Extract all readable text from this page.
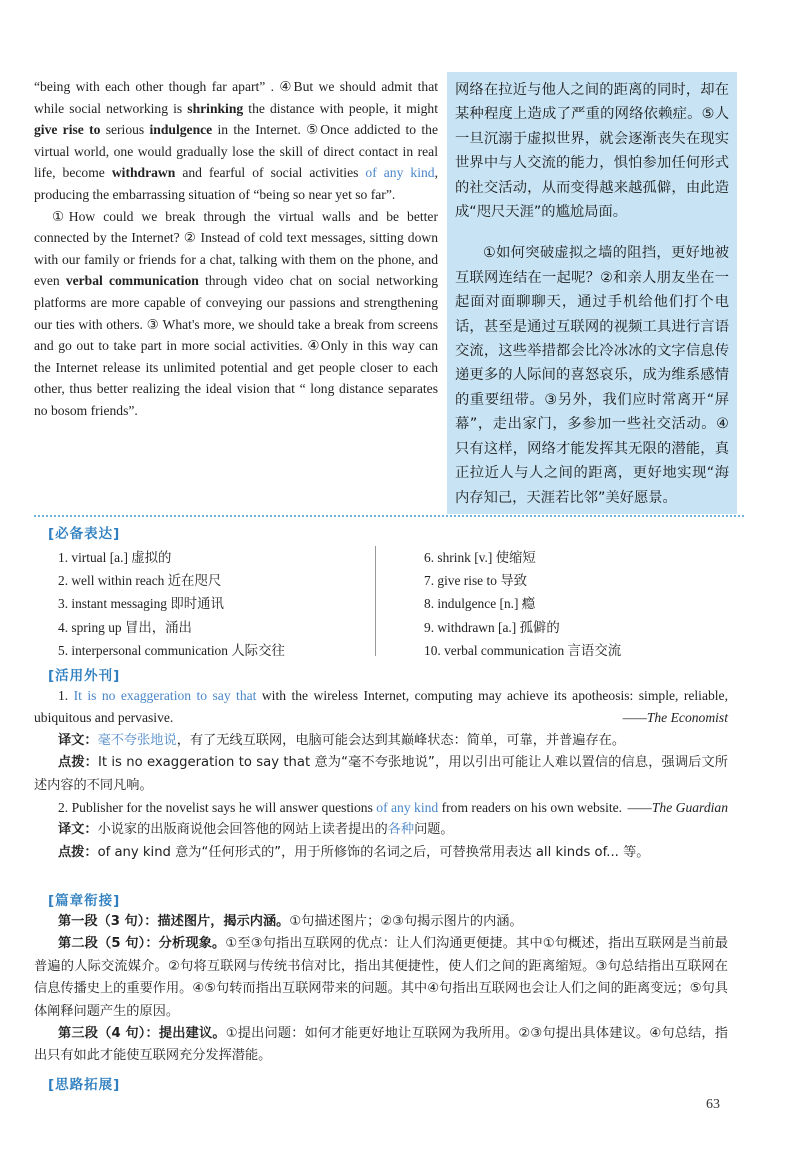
“being with each other though far apart” . ④But we should admit that while social networking is shrinking the distance with people, it might give rise to serious indulgence in the Internet. ⑤Once addicted to the virtual world, one would gradually lose the skill of direct contact in real life, become withdrawn and fearful of social activities of any kind, producing the embarrassing situation of “being so near yet so far”.

①How could we break through the virtual walls and be better connected by the Internet? ② Instead of cold text messages, sitting down with our family or friends for a chat, talking with them on the phone, and even verbal communication through video chat on social networking platforms are more capable of conveying our passions and strengthening our ties with others. ③ What's more, we should take a break from screens and go out to take part in more social activities. ④Only in this way can the Internet release its unlimited potential and get people closer to each other, thus better realizing the ideal vision that “ long distance separates no bosom friends”.

网络在拉近与他人之间的距离的同时，却在某种程度上造成了严重的网络依赖症。⑤人一旦沉溺于虚拟世界，就会逐渐丧失在现实世界中与人交流的能力，惧怕参加任何形式的社交活动，从而变得越来越孤僻，由此造成“咫尺天涯”的尴尬局面。

①如何突破虚拟之墙的阻挡，更好地被互联网连结在一起呢？②和亲人朋友坐在一起面对面聊聊天，通过手机给他们打个电话，甚至是通过互联网的视频工具进行言语交流，这些举措都会比冷冰冰的文字信息传递更多的人际间的喜怒哀乐，成为维系感情的重要纽带。③另外，我们应时常离开“屏幕”，走出家门，多参加一些社交活动。④只有这样，网络才能发挥其无限的潜能，真正拉近人与人之间的距离，更好地实现“海内存知己，天涯若比邻”美好愿景。

[必备表达]
1. virtual [a.] 虚拟的
2. well within reach 近在咫尺
3. instant messaging 即时通讯
4. spring up 冒出，涌出
5. interpersonal communication 人际交往
6. shrink [v.] 使缩短
7. give rise to 导致
8. indulgence [n.] 瘾
9. withdrawn [a.] 孤僻的
10. verbal communication 言语交流
[活用外刊]

1. It is no exaggeration to say that with the wireless Internet, computing may achieve its apotheosis: simple, reliable, ubiquitous and pervasive.	——The Economist

译文：毫不夸张地说，有了无线互联网，电脑可能会达到其巅峰状态：简单，可靠，并普遍存在。

点拨：It is no exaggeration to say that 意为“毫不夸张地说”，用以引出可能让人难以置信的信息，强调后文所述内容的不同凡响。

2. Publisher for the novelist says he will answer questions of any kind from readers on his own website. ——The Guardian

译文：小说家的出版商说他会回答他的网站上读者提出的各种问题。

点拨：of any kind 意为“任何形式的”，用于所修饰的名词之后，可替换常用表达 all kinds of... 等。

[篇章衔接]

第一段（3 句）：描述图片，揭示内涵。①句描述图片；②③句揭示图片的内涵。

第二段（5 句）：分析现象。①至③句指出互联网的优点：让人们沟通更便捷。其中①句概述，指出互联网是当前最普遍的人际交流媒介。②句将互联网与传统书信对比，指出其便捷性，使人们之间的距离缩短。③句总结指出互联网在信息传播史上的重要作用。④⑤句转而指出互联网带来的问题。其中④句指出互联网也会让人们之间的距离变远；⑤句具体阐释问题产生的原因。

第三段（4 句）：提出建议。①提出问题：如何才能更好地让互联网为我所用。②③句提出具体建议。④句总结，指出只有如此才能使互联网充分发挥潜能。

[思路拓展]
63
